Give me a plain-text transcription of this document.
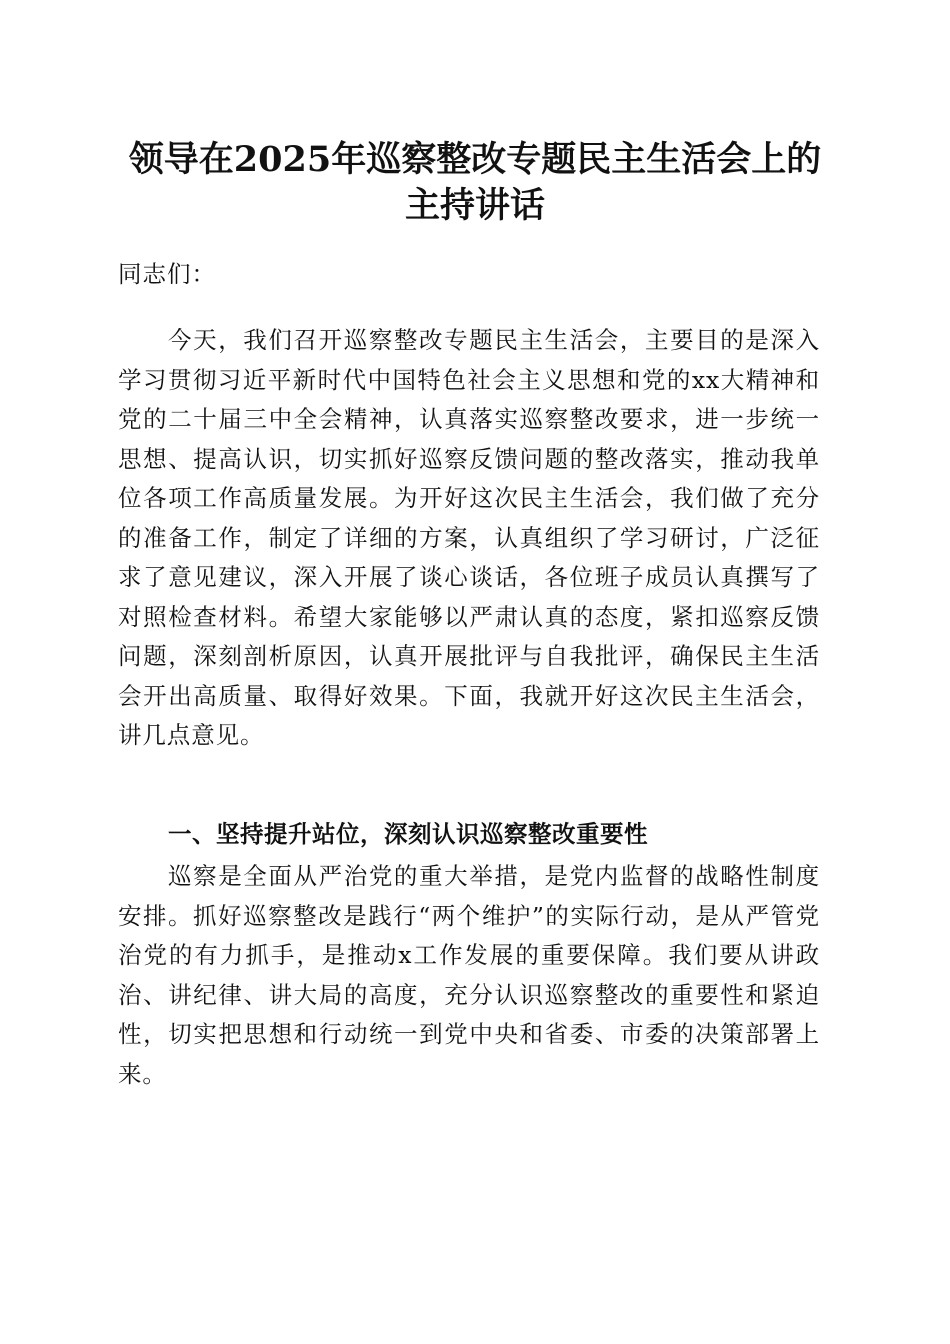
领导在2025年巡察整改专题民主生活会上的
主持讲话

同志们：

今天，我们召开巡察整改专题民主生活会，主要目的是深入学习贯彻习近平新时代中国特色社会主义思想和党的xx大精神和党的二十届三中全会精神，认真落实巡察整改要求，进一步统一思想、提高认识，切实抓好巡察反馈问题的整改落实，推动我单位各项工作高质量发展。为开好这次民主生活会，我们做了充分的准备工作，制定了详细的方案，认真组织了学习研讨，广泛征求了意见建议，深入开展了谈心谈话，各位班子成员认真撰写了对照检查材料。希望大家能够以严肃认真的态度，紧扣巡察反馈问题，深刻剖析原因，认真开展批评与自我批评，确保民主生活会开出高质量、取得好效果。下面，我就开好这次民主生活会，讲几点意见。

一、坚持提升站位，深刻认识巡察整改重要性

巡察是全面从严治党的重大举措，是党内监督的战略性制度安排。抓好巡察整改是践行“两个维护”的实际行动，是从严管党治党的有力抓手，是推动x工作发展的重要保障。我们要从讲政治、讲纪律、讲大局的高度，充分认识巡察整改的重要性和紧迫性，切实把思想和行动统一到党中央和省委、市委的决策部署上来。
